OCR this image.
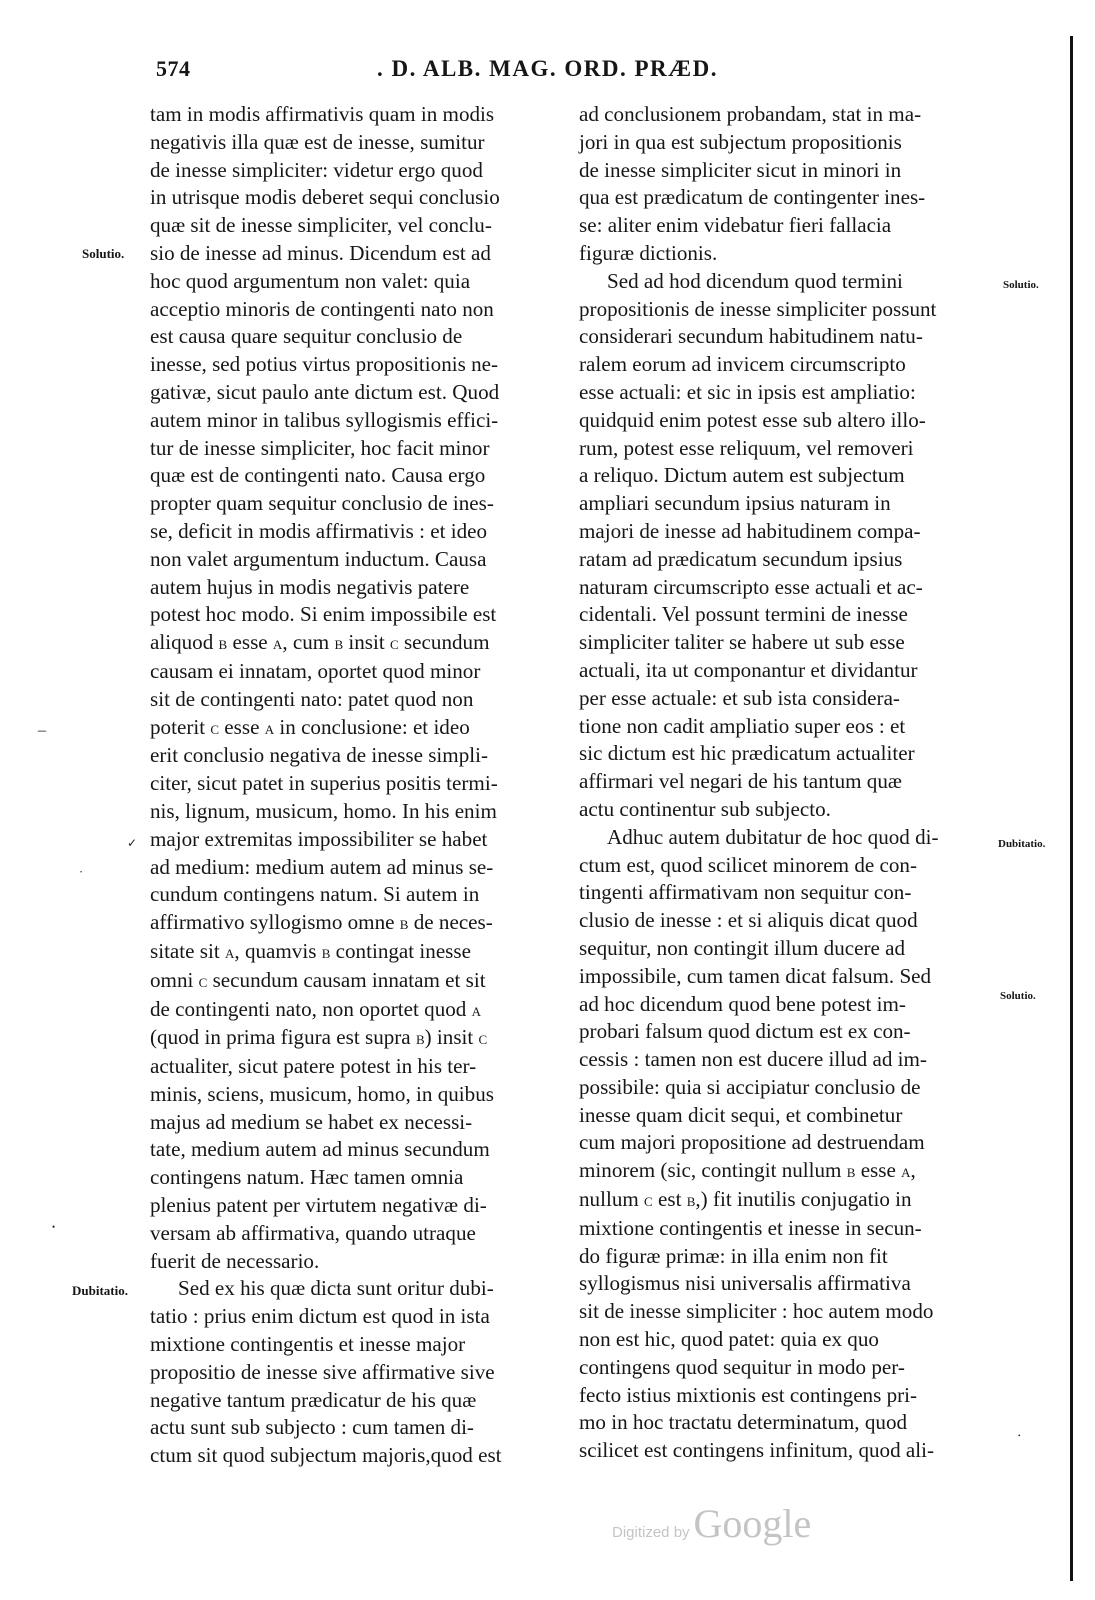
574	. D. ALB. MAG. ORD. PRÆD.
Solutio.
Dubitatio.
Solutio.
Dubitatio.
Solutio.
–
✓
•
•
•

tam in modis affirmativis quam in modis
negativis illa quæ est de inesse, sumitur
de inesse simpliciter: videtur ergo quod
in utrisque modis deberet sequi conclusio
quæ sit de inesse simpliciter, vel conclu-
sio de inesse ad minus. Dicendum est ad
hoc quod argumentum non valet: quia
acceptio minoris de contingenti nato non
est causa quare sequitur conclusio de
inesse, sed potius virtus propositionis ne-
gativæ, sicut paulo ante dictum est. Quod
autem minor in talibus syllogismis effici-
tur de inesse simpliciter, hoc facit minor
quæ est de contingenti nato. Causa ergo
propter quam sequitur conclusio de ines-
se, deficit in modis affirmativis : et ideo
non valet argumentum inductum. Causa
autem hujus in modis negativis patere
potest hoc modo. Si enim impossibile est
aliquod b esse a, cum b insit c secundum
causam ei innatam, oportet quod minor
sit de contingenti nato: patet quod non
poterit c esse a in conclusione: et ideo
erit conclusio negativa de inesse simpli-
citer, sicut patet in superius positis termi-
nis, lignum, musicum, homo. In his enim
major extremitas impossibiliter se habet
ad medium: medium autem ad minus se-
cundum contingens natum. Si autem in
affirmativo syllogismo omne b de neces-
sitate sit a, quamvis b contingat inesse
omni c secundum causam innatam et sit
de contingenti nato, non oportet quod a
(quod in prima figura est supra b) insit c
actualiter, sicut patere potest in his ter-
minis, sciens, musicum, homo, in quibus
majus ad medium se habet ex necessi-
tate, medium autem ad minus secundum
contingens natum. Hæc tamen omnia
plenius patent per virtutem negativæ di-
versam ab affirmativa, quando utraque
fuerit de necessario.

Sed ex his quæ dicta sunt oritur dubi-
tatio : prius enim dictum est quod in ista
mixtione contingentis et inesse major
propositio de inesse sive affirmative sive
negative tantum prædicatur de his quæ
actu sunt sub subjecto : cum tamen di-
ctum sit quod subjectum majoris,quod est

ad conclusionem probandam, stat in ma-
jori in qua est subjectum propositionis
de inesse simpliciter sicut in minori in
qua est prædicatum de contingenter ines-
se: aliter enim videbatur fieri fallacia
figuræ dictionis.

Sed ad hod dicendum quod termini
propositionis de inesse simpliciter possunt
considerari secundum habitudinem natu-
ralem eorum ad invicem circumscripto
esse actuali: et sic in ipsis est ampliatio:
quidquid enim potest esse sub altero illo-
rum, potest esse reliquum, vel removeri
a reliquo. Dictum autem est subjectum
ampliari secundum ipsius naturam in
majori de inesse ad habitudinem compa-
ratam ad prædicatum secundum ipsius
naturam circumscripto esse actuali et ac-
cidentali. Vel possunt termini de inesse
simpliciter taliter se habere ut sub esse
actuali, ita ut componantur et dividantur
per esse actuale: et sub ista considera-
tione non cadit ampliatio super eos : et
sic dictum est hic prædicatum actualiter
affirmari vel negari de his tantum quæ
actu continentur sub subjecto.

Adhuc autem dubitatur de hoc quod di-
ctum est, quod scilicet minorem de con-
tingenti affirmativam non sequitur con-
clusio de inesse : et si aliquis dicat quod
sequitur, non contingit illum ducere ad
impossibile, cum tamen dicat falsum. Sed
ad hoc dicendum quod bene potest im-
probari falsum quod dictum est ex con-
cessis : tamen non est ducere illud ad im-
possibile: quia si accipiatur conclusio de
inesse quam dicit sequi, et combinetur
cum majori propositione ad destruendam
minorem (sic, contingit nullum b esse a,
nullum c est b,) fit inutilis conjugatio in
mixtione contingentis et inesse in secun-
do figuræ primæ: in illa enim non fit
syllogismus nisi universalis affirmativa
sit de inesse simpliciter : hoc autem modo
non est hic, quod patet: quia ex quo
contingens quod sequitur in modo per-
fecto istius mixtionis est contingens pri-
mo in hoc tractatu determinatum, quod
scilicet est contingens infinitum, quod ali-

Digitized by Google
